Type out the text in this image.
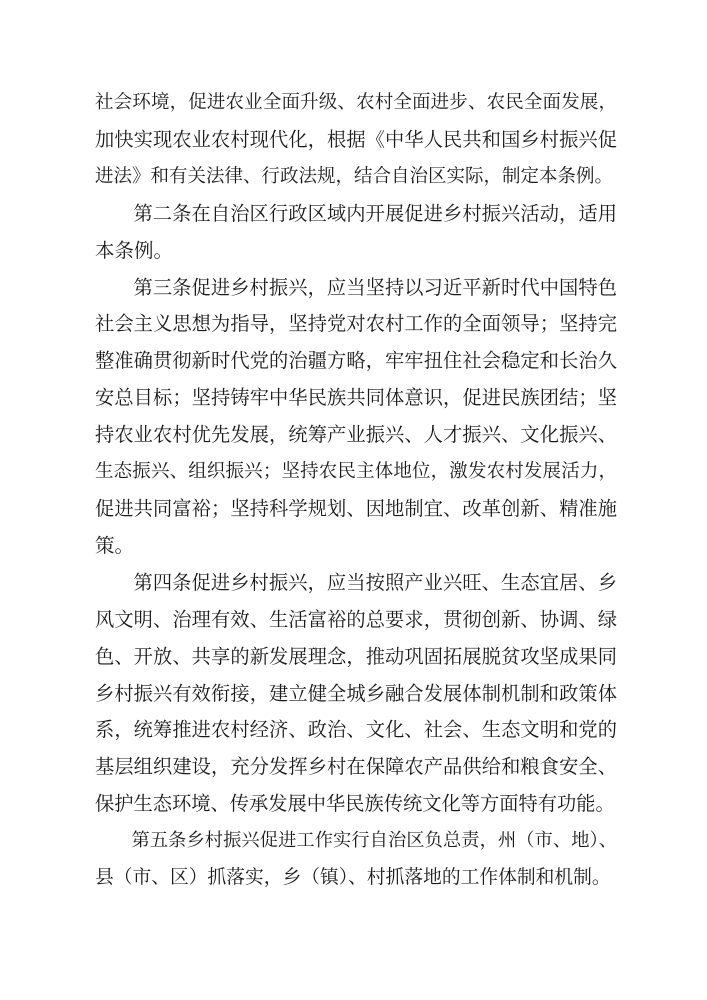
社会环境，促进农业全面升级、农村全面进步、农民全面发展，
加快实现农业农村现代化，根据《中华人民共和国乡村振兴促
进法》和有关法律、行政法规，结合自治区实际，制定本条例。
第二条在自治区行政区域内开展促进乡村振兴活动，适用
本条例。
第三条促进乡村振兴，应当坚持以习近平新时代中国特色
社会主义思想为指导，坚持党对农村工作的全面领导；坚持完
整准确贯彻新时代党的治疆方略，牢牢扭住社会稳定和长治久
安总目标；坚持铸牢中华民族共同体意识，促进民族团结；坚
持农业农村优先发展，统筹产业振兴、人才振兴、文化振兴、
生态振兴、组织振兴；坚持农民主体地位，激发农村发展活力，
促进共同富裕；坚持科学规划、因地制宜、改革创新、精准施
策。
第四条促进乡村振兴，应当按照产业兴旺、生态宜居、乡
风文明、治理有效、生活富裕的总要求，贯彻创新、协调、绿
色、开放、共享的新发展理念，推动巩固拓展脱贫攻坚成果同
乡村振兴有效衔接，建立健全城乡融合发展体制机制和政策体
系，统筹推进农村经济、政治、文化、社会、生态文明和党的
基层组织建设，充分发挥乡村在保障农产品供给和粮食安全、
保护生态环境、传承发展中华民族传统文化等方面特有功能。
第五条乡村振兴促进工作实行自治区负总责，州（市、地）、
县（市、区）抓落实，乡（镇）、村抓落地的工作体制和机制。
